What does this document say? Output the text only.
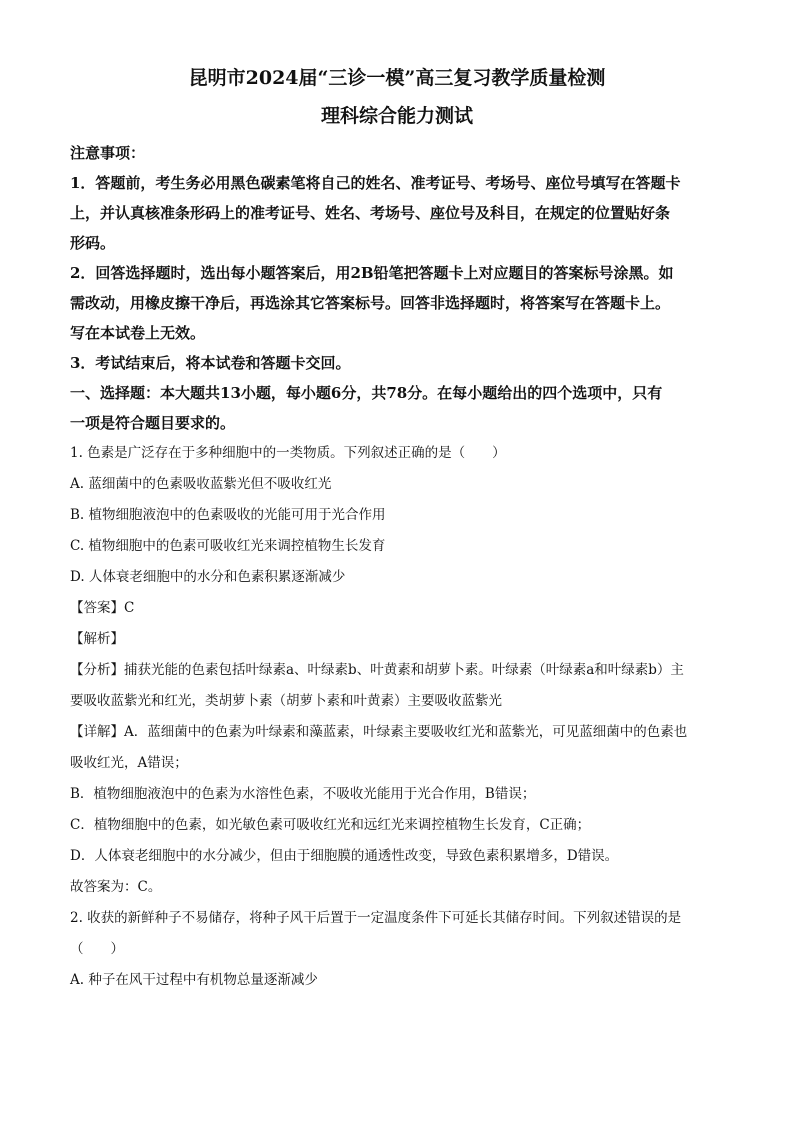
昆明市2024届“三诊一模”高三复习教学质量检测

理科综合能力测试

注意事项：

1．答题前，考生务必用黑色碳素笔将自己的姓名、准考证号、考场号、座位号填写在答题卡

上，并认真核准条形码上的准考证号、姓名、考场号、座位号及科目，在规定的位置贴好条

形码。

2．回答选择题时，选出每小题答案后，用2B铅笔把答题卡上对应题目的答案标号涂黑。如

需改动，用橡皮擦干净后，再选涂其它答案标号。回答非选择题时，将答案写在答题卡上。

写在本试卷上无效。

3．考试结束后，将本试卷和答题卡交回。

一、选择题：本大题共13小题，每小题6分，共78分。在每小题给出的四个选项中，只有

一项是符合题目要求的。

1. 色素是广泛存在于多种细胞中的一类物质。下列叙述正确的是（　　）

A. 蓝细菌中的色素吸收蓝紫光但不吸收红光

B. 植物细胞液泡中的色素吸收的光能可用于光合作用

C. 植物细胞中的色素可吸收红光来调控植物生长发育

D. 人体衰老细胞中的水分和色素积累逐渐减少

【答案】C

【解析】

【分析】捕获光能的色素包括叶绿素a、叶绿素b、叶黄素和胡萝卜素。叶绿素（叶绿素a和叶绿素b）主

要吸收蓝紫光和红光，类胡萝卜素（胡萝卜素和叶黄素）主要吸收蓝紫光

【详解】A．蓝细菌中的色素为叶绿素和藻蓝素，叶绿素主要吸收红光和蓝紫光，可见蓝细菌中的色素也

吸收红光，A错误；

B．植物细胞液泡中的色素为水溶性色素，不吸收光能用于光合作用，B错误；

C．植物细胞中的色素，如光敏色素可吸收红光和远红光来调控植物生长发育，C正确；

D．人体衰老细胞中的水分减少，但由于细胞膜的通透性改变，导致色素积累增多，D错误。

故答案为：C。

2. 收获的新鲜种子不易储存，将种子风干后置于一定温度条件下可延长其储存时间。下列叙述错误的是

（　　）

A. 种子在风干过程中有机物总量逐渐减少
